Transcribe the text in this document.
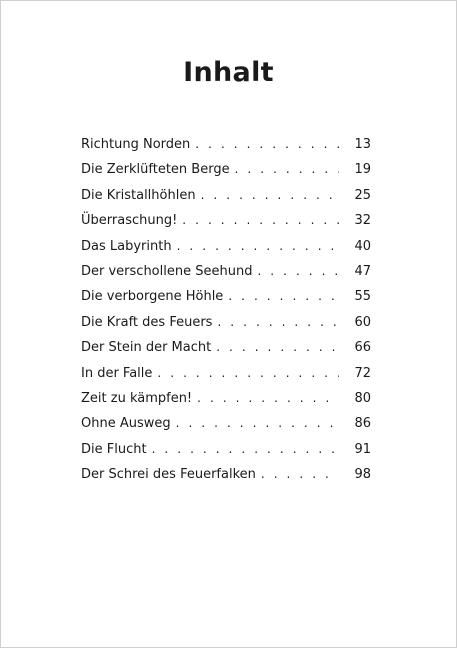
Inhalt
Richtung Norden . . .	13
Die Zerklüfteten Berge . . .	19
Die Kristallhöhlen . . .	25
Überraschung! . . .	32
Das Labyrinth . . .	40
Der verschollene Seehund . . .	47
Die verborgene Höhle . . .	55
Die Kraft des Feuers . . .	60
Der Stein der Macht . . .	66
In der Falle . . .	72
Zeit zu kämpfen! . . .	80
Ohne Ausweg . . .	86
Die Flucht . . .	91
Der Schrei des Feuerfalken . . .	98
